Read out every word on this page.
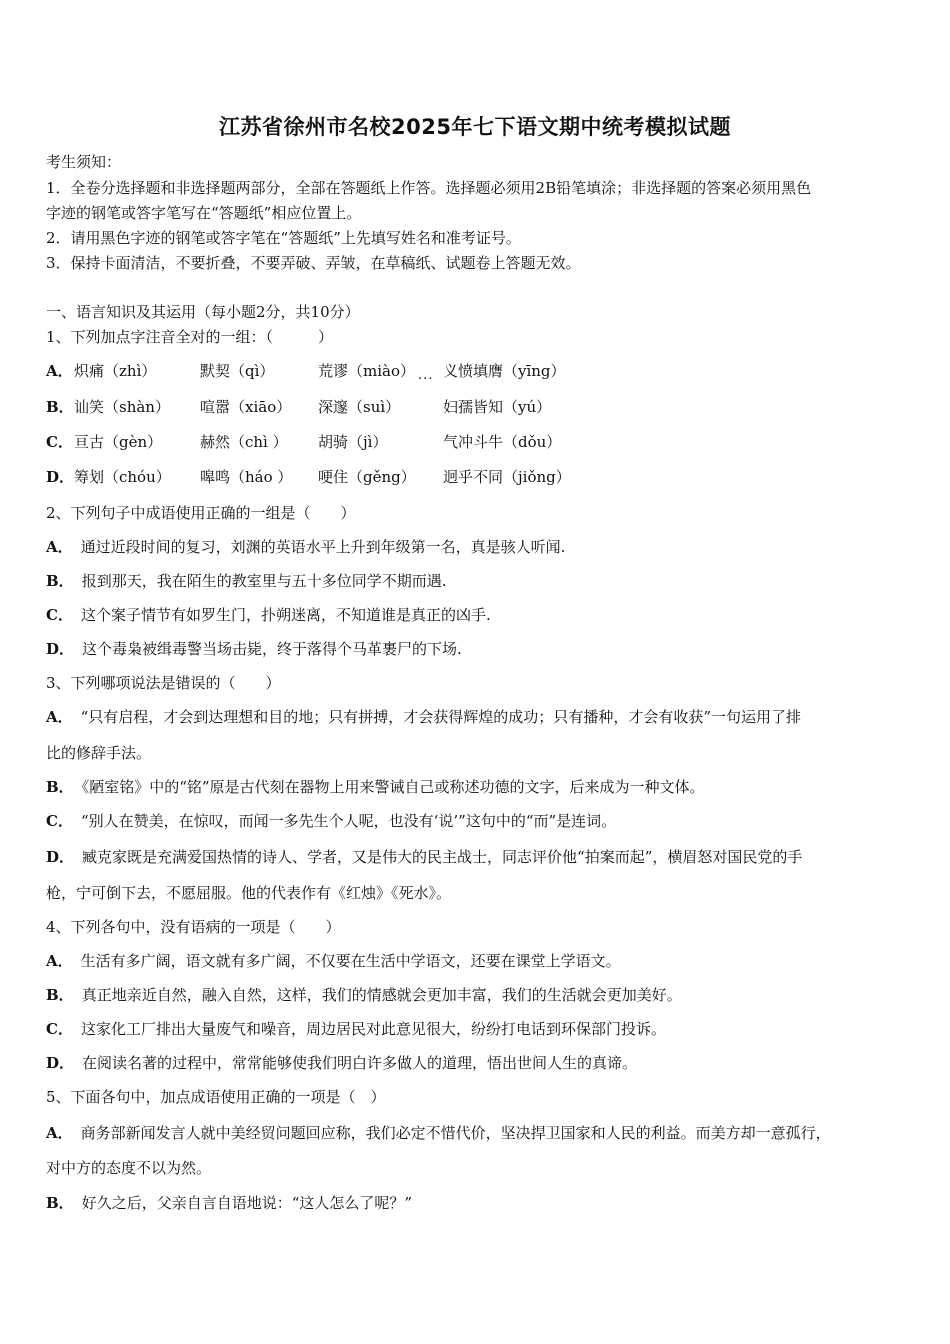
江苏省徐州市名校2025年七下语文期中统考模拟试题
考生须知：
1．全卷分选择题和非选择题两部分，全部在答题纸上作答。选择题必须用2B铅笔填涂；非选择题的答案必须用黑色
字迹的钢笔或答字笔写在“答题纸”相应位置上。
2．请用黑色字迹的钢笔或答字笔在“答题纸”上先填写姓名和准考证号。
3．保持卡面清洁，不要折叠，不要弄破、弄皱，在草稿纸、试题卷上答题无效。
一、语言知识及其运用（每小题2分，共10分）
1、下列加点字注音全对的一组：（　　　）
A． 炽痛（zhì）	默契（qì）	荒谬（miào） 义愤填膺（yīng）
...
B． 讪笑（shàn） 喧嚣（xiāo） 深邃（suì）	妇孺皆知（yú）
C． 亘古（gèn）	赫然（chì ） 胡骑（jì）	气冲斗牛（dǒu）
D． 筹划（chóu） 嗥鸣（háo ） 哽住（gěng） 迥乎不同（jiǒng）
2、下列句子中成语使用正确的一组是（　　）
A． 通过近段时间的复习，刘渊的英语水平上升到年级第一名，真是骇人听闻.
B． 报到那天，我在陌生的教室里与五十多位同学不期而遇.
C． 这个案子情节有如罗生门，扑朔迷离，不知道谁是真正的凶手.
D． 这个毒枭被缉毒警当场击毙，终于落得个马革裹尸的下场.
3、下列哪项说法是错误的（　　）
A． “只有启程，才会到达理想和目的地；只有拼搏，才会获得辉煌的成功；只有播种，才会有收获”一句运用了排
比的修辞手法。
B． 《陋室铭》中的“铭”原是古代刻在器物上用来警诫自己或称述功德的文字，后来成为一种文体。
C． “别人在赞美，在惊叹，而闻一多先生个人呢，也没有‘说’”这句中的“而”是连词。
D． 臧克家既是充满爱国热情的诗人、学者，又是伟大的民主战士，同志评价他“拍案而起”，横眉怒对国民党的手
枪，宁可倒下去，不愿屈服。他的代表作有《红烛》《死水》。
4、下列各句中，没有语病的一项是（　　）
A． 生活有多广阔，语文就有多广阔，不仅要在生活中学语文，还要在课堂上学语文。
B． 真正地亲近自然，融入自然，这样，我们的情感就会更加丰富，我们的生活就会更加美好。
C． 这家化工厂排出大量废气和噪音，周边居民对此意见很大，纷纷打电话到环保部门投诉。
D． 在阅读名著的过程中，常常能够使我们明白许多做人的道理，悟出世间人生的真谛。
5、下面各句中，加点成语使用正确的一项是（　）
A． 商务部新闻发言人就中美经贸问题回应称，我们必定不惜代价，坚决捍卫国家和人民的利益。而美方却一意孤行，
对中方的态度不以为然。
B． 好久之后，父亲自言自语地说：“这人怎么了呢？”
